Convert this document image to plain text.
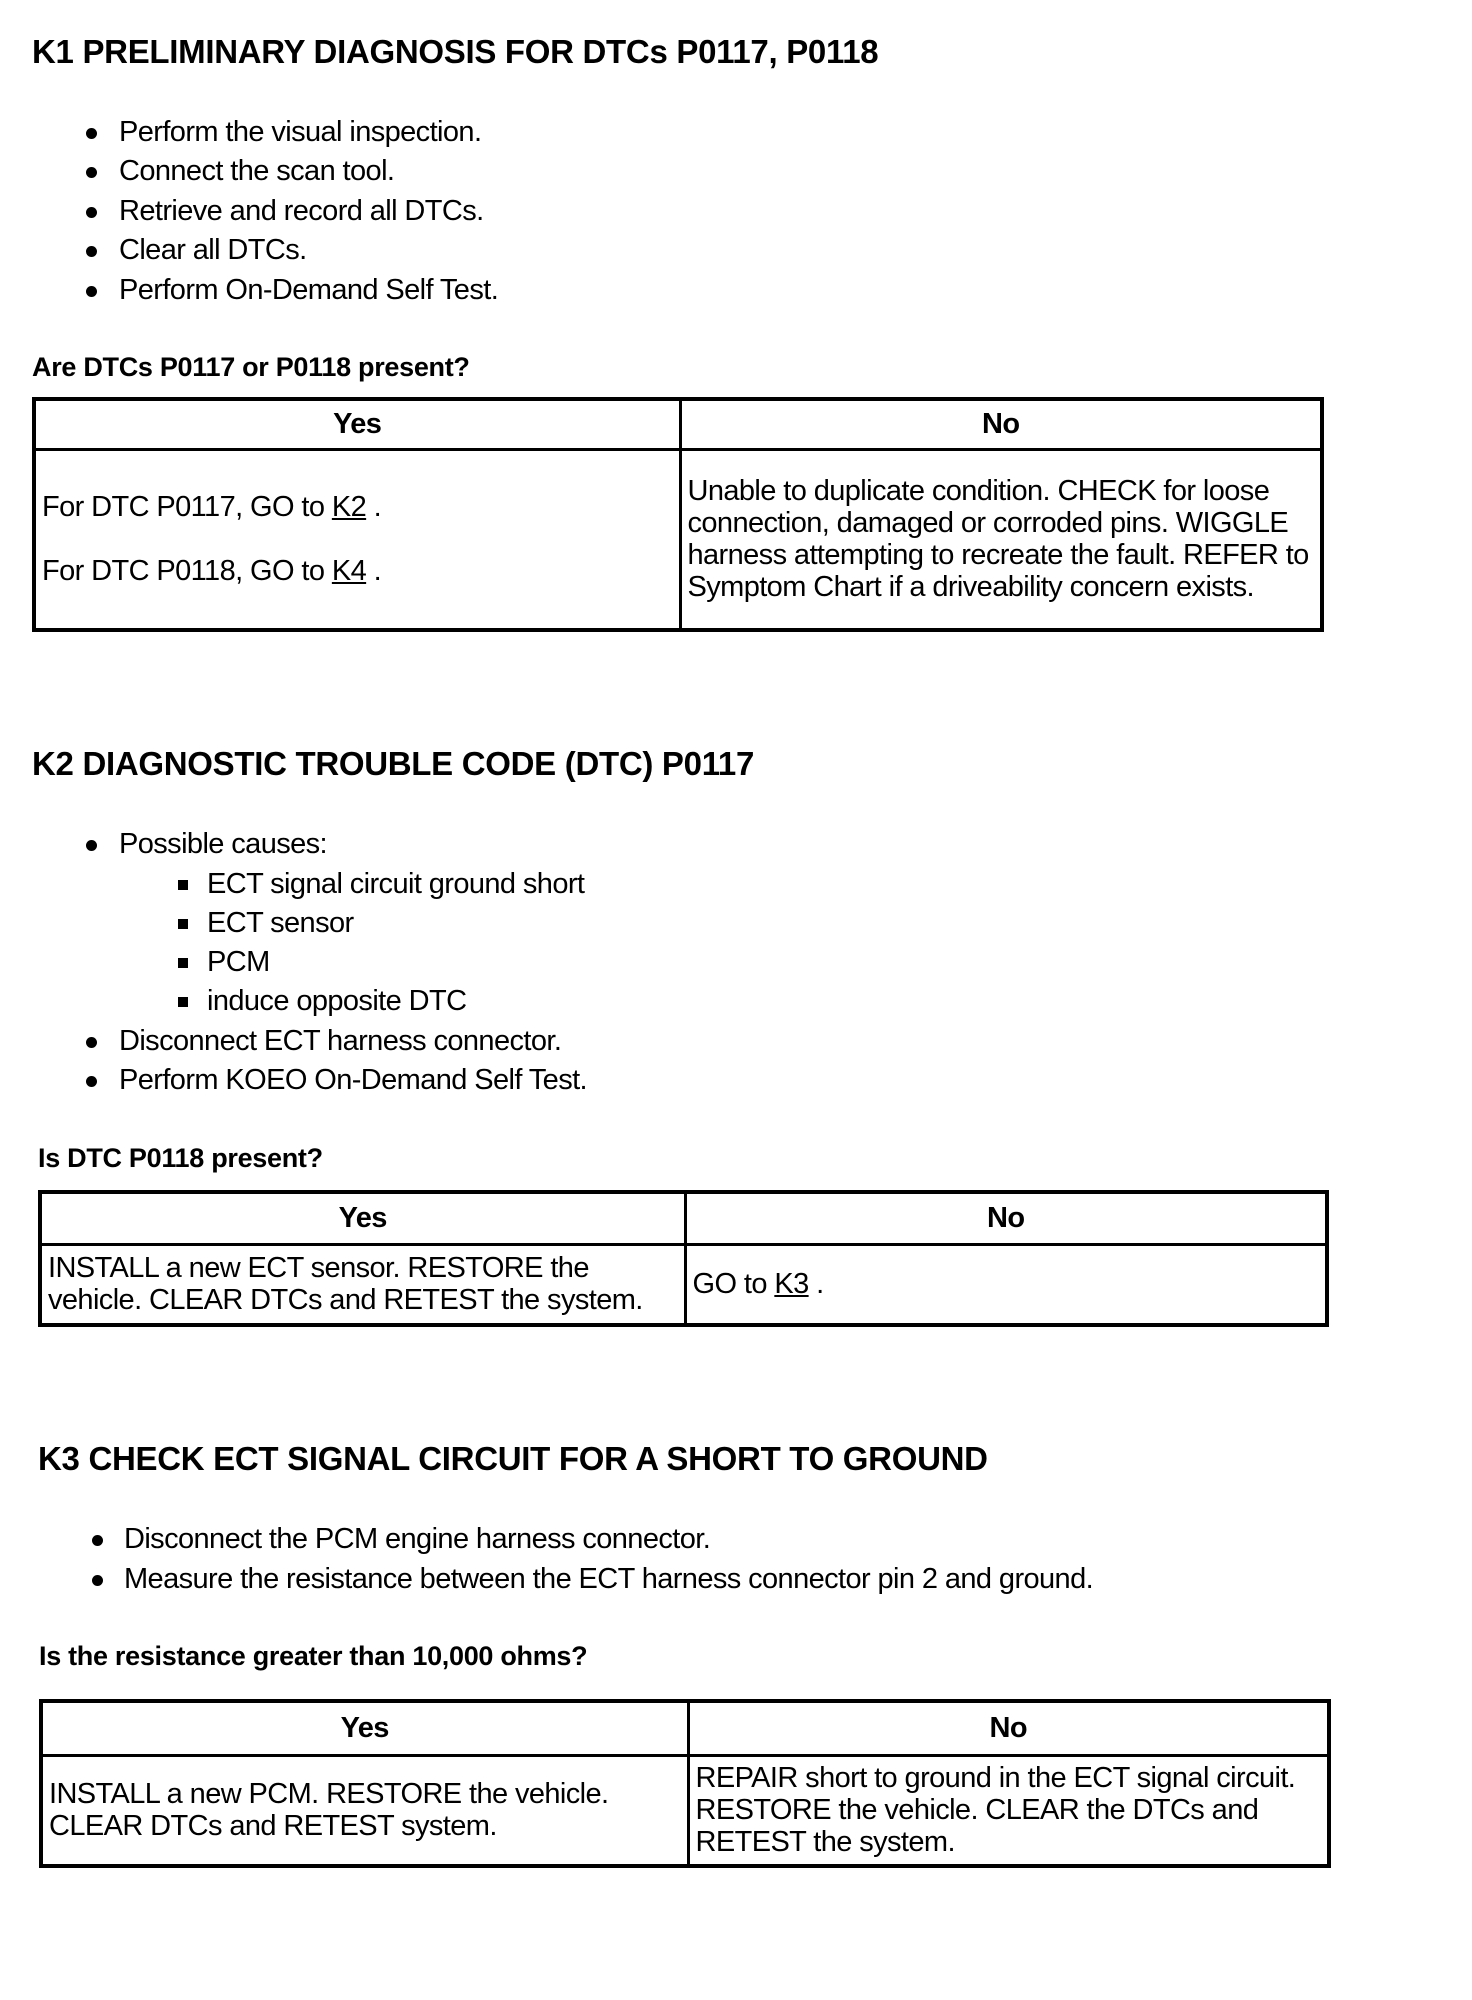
K1 PRELIMINARY DIAGNOSIS FOR DTCs P0117, P0118
Perform the visual inspection.
Connect the scan tool.
Retrieve and record all DTCs.
Clear all DTCs.
Perform On-Demand Self Test.
Are DTCs P0117 or P0118 present?
Yes	No

For DTC P0117, GO to K2 .
For DTC P0118, GO to K4 .	Unable to duplicate condition. CHECK for loose connection, damaged or corroded pins. WIGGLE harness attempting to recreate the fault. REFER to Symptom Chart if a driveability concern exists.
K2 DIAGNOSTIC TROUBLE CODE (DTC) P0117
Possible causes:
ECT signal circuit ground short
ECT sensor
PCM
induce opposite DTC
Disconnect ECT harness connector.
Perform KOEO On-Demand Self Test.
Is DTC P0118 present?
Yes	No
INSTALL a new ECT sensor. RESTORE the vehicle. CLEAR DTCs and RETEST the system.	GO to K3 .
K3 CHECK ECT SIGNAL CIRCUIT FOR A SHORT TO GROUND
Disconnect the PCM engine harness connector.
Measure the resistance between the ECT harness connector pin 2 and ground.
Is the resistance greater than 10,000 ohms?
Yes	No
INSTALL a new PCM. RESTORE the vehicle. CLEAR DTCs and RETEST system.	REPAIR short to ground in the ECT signal circuit. RESTORE the vehicle. CLEAR the DTCs and RETEST the system.
